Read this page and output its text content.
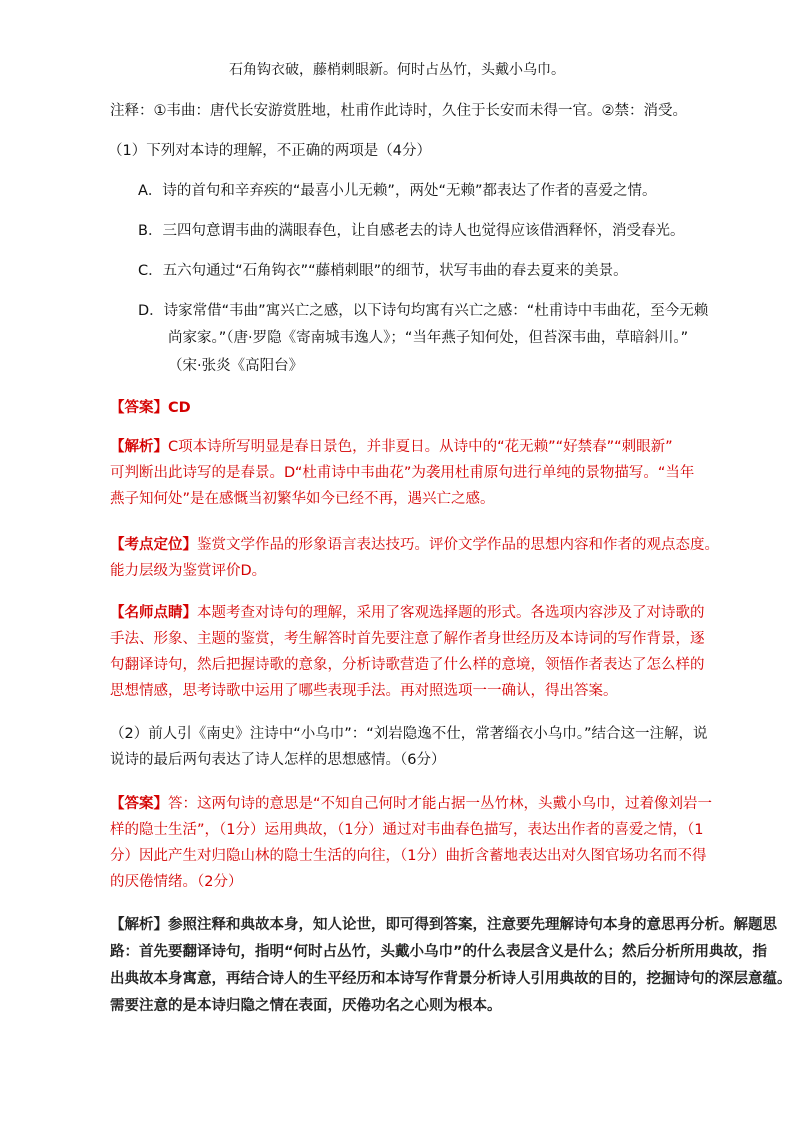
石角钩衣破，藤梢刺眼新。何时占丛竹，头戴小乌巾。
注释：①韦曲：唐代长安游赏胜地，杜甫作此诗时，久住于长安而未得一官。②禁：消受。
（1）下列对本诗的理解，不正确的两项是（4分）
A．诗的首句和辛弃疾的“最喜小儿无赖”，两处“无赖”都表达了作者的喜爱之情。
B．三四句意谓韦曲的满眼春色，让自感老去的诗人也觉得应该借酒释怀，消受春光。
C．五六句通过“石角钩衣”“藤梢刺眼”的细节，状写韦曲的春去夏来的美景。
D．诗家常借“韦曲”寓兴亡之感，以下诗句均寓有兴亡之感：“杜甫诗中韦曲花，至今无赖
尚家家。”（唐·罗隐《寄南城韦逸人》；“当年燕子知何处，但苔深韦曲，草暗斜川。”
（宋·张炎《高阳台》
【答案】CD
【解析】C项本诗所写明显是春日景色，并非夏日。从诗中的“花无赖”“好禁春”“刺眼新”
可判断出此诗写的是春景。D“杜甫诗中韦曲花”为袭用杜甫原句进行单纯的景物描写。“当年
燕子知何处”是在感慨当初繁华如今已经不再，遇兴亡之感。
【考点定位】鉴赏文学作品的形象语言表达技巧。评价文学作品的思想内容和作者的观点态度。
能力层级为鉴赏评价D。
【名师点睛】本题考查对诗句的理解，采用了客观选择题的形式。各选项内容涉及了对诗歌的
手法、形象、主题的鉴赏，考生解答时首先要注意了解作者身世经历及本诗词的写作背景，逐
句翻译诗句，然后把握诗歌的意象，分析诗歌营造了什么样的意境，领悟作者表达了怎么样的
思想情感，思考诗歌中运用了哪些表现手法。再对照选项一一确认，得出答案。
（2）前人引《南史》注诗中“小乌巾”：“刘岩隐逸不仕，常著缁衣小乌巾。”结合这一注解，说
说诗的最后两句表达了诗人怎样的思想感情。（6分）
【答案】答：这两句诗的意思是“不知自己何时才能占据一丛竹林，头戴小乌巾，过着像刘岩一
样的隐士生活”，（1分）运用典故，（1分）通过对韦曲春色描写，表达出作者的喜爱之情，（1
分）因此产生对归隐山林的隐士生活的向往，（1分）曲折含蓄地表达出对久图官场功名而不得
的厌倦情绪。（2分）
【解析】参照注释和典故本身，知人论世，即可得到答案，注意要先理解诗句本身的意思再分析。解题思
路：首先要翻译诗句，指明“何时占丛竹，头戴小乌巾”的什么表层含义是什么；然后分析所用典故，指
出典故本身寓意，再结合诗人的生平经历和本诗写作背景分析诗人引用典故的目的，挖掘诗句的深层意蕴。
需要注意的是本诗归隐之情在表面，厌倦功名之心则为根本。
